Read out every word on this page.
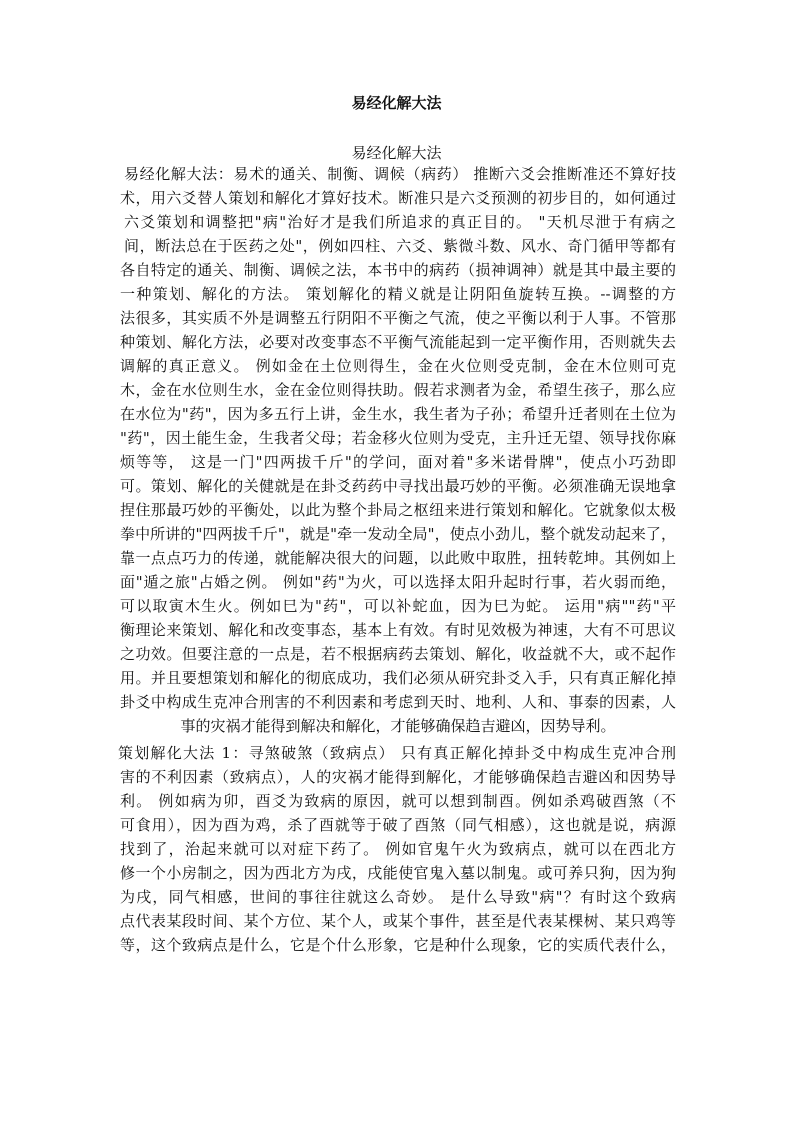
易经化解大法
易经化解大法
易经化解大法：易术的通关、制衡、调候（病药） 推断六爻会推断准还不算好技
术，用六爻替人策划和解化才算好技术。断准只是六爻预测的初步目的，如何通过
六爻策划和调整把"病"治好才是我们所追求的真正目的。 "天机尽泄于有病之
间，断法总在于医药之处"，例如四柱、六爻、紫微斗数、风水、奇门循甲等都有
各自特定的通关、制衡、调候之法，本书中的病药（损神调神）就是其中最主要的
一种策划、解化的方法。 策划解化的精义就是让阴阳鱼旋转互换。--调整的方
法很多，其实质不外是调整五行阴阳不平衡之气流，使之平衡以利于人事。不管那
种策划、解化方法，必要对改变事态不平衡气流能起到一定平衡作用，否则就失去
调解的真正意义。 例如金在土位则得生，金在火位则受克制，金在木位则可克
木，金在水位则生水，金在金位则得扶助。假若求测者为金，希望生孩子，那么应
在水位为"药"，因为多五行上讲，金生水，我生者为子孙；希望升迁者则在土位为
"药"，因土能生金，生我者父母；若金移火位则为受克，主升迁无望、领导找你麻
烦等等， 这是一门"四两拔千斤"的学问，面对着"多米诺骨牌"，使点小巧劲即
可。策划、解化的关健就是在卦爻药药中寻找出最巧妙的平衡。必须准确无误地拿
捏住那最巧妙的平衡处，以此为整个卦局之枢纽来进行策划和解化。它就象似太极
拳中所讲的"四两拔千斤"，就是"牵一发动全局"，使点小劲儿，整个就发动起来了，
靠一点点巧力的传递，就能解决很大的问题，以此败中取胜，扭转乾坤。其例如上
面"遁之旅"占婚之例。 例如"药"为火，可以选择太阳升起时行事，若火弱而绝，
可以取寅木生火。例如巳为"药"，可以补蛇血，因为巳为蛇。 运用"病""药"平
衡理论来策划、解化和改变事态，基本上有效。有时见效极为神速，大有不可思议
之功效。但要注意的一点是，若不根据病药去策划、解化，收益就不大，或不起作
用。并且要想策划和解化的彻底成功，我们必须从研究卦爻入手，只有真正解化掉
卦爻中构成生克冲合刑害的不利因素和考虑到天时、地利、人和、事泰的因素，人
事的灾祸才能得到解决和解化，才能够确保趋吉避凶，因势导利。
策划解化大法 1：寻煞破煞（致病点） 只有真正解化掉卦爻中构成生克冲合刑
害的不利因素（致病点），人的灾祸才能得到解化，才能够确保趋吉避凶和因势导
利。 例如病为卯，酉爻为致病的原因，就可以想到制酉。例如杀鸡破酉煞（不
可食用），因为酉为鸡，杀了酉就等于破了酉煞（同气相感），这也就是说，病源
找到了，治起来就可以对症下药了。 例如官鬼午火为致病点，就可以在西北方
修一个小房制之，因为西北方为戌，戌能使官鬼入墓以制鬼。或可养只狗，因为狗
为戌，同气相感，世间的事往往就这么奇妙。 是什么导致"病"？有时这个致病
点代表某段时间、某个方位、某个人，或某个事件，甚至是代表某棵树、某只鸡等
等，这个致病点是什么，它是个什么形象，它是种什么现象，它的实质代表什么，
